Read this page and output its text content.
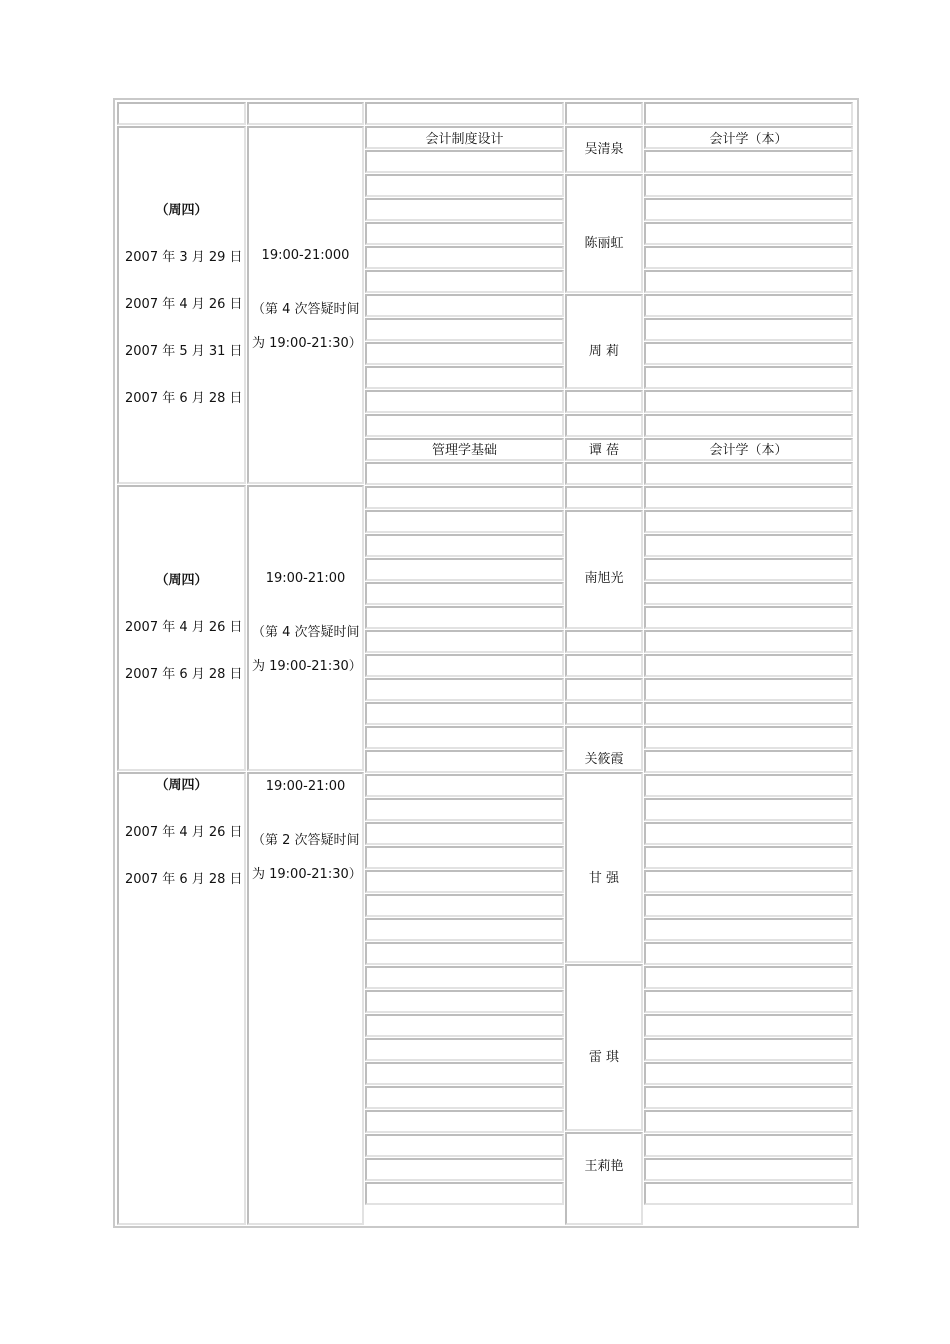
（周四）
2007 年 3 月 29 日
2007 年 4 月 26 日
2007 年 5 月 31 日
2007 年 6 月 28 日
19:00-21:000
（第 4 次答疑时间
为 19:00-21:30）
（周四）
2007 年 4 月 26 日
2007 年 6 月 28 日
19:00-21:00
（第 4 次答疑时间
为 19:00-21:30）
（周四）
2007 年 4 月 26 日
2007 年 6 月 28 日
19:00-21:00
（第 2 次答疑时间
为 19:00-21:30）
会计制度设计	会计学（本）
管理学基础	会计学（本）
吴清泉
陈丽虹
周 莉
谭 蓓
南旭光
关筱霞
甘 强
雷 琪
王莉艳
